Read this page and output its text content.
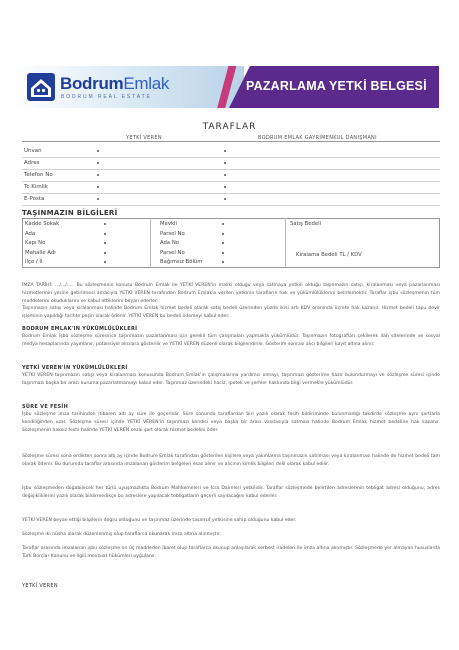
BodrumEmlak
BODRUM REAL ESTATE
PAZARLAMA YETKİ BELGESİ
TARAFLAR
YETKİ VEREN	BODRUM EMLAK GAYRİMENKUL DANIŞMANI
Unvan
Adres
Telefon No
Tc Kimlik
E-Posta
TAŞINMAZIN BİLGİLERİ
Kadde Sokak
Ada
Kapı No
Mahalle Adı
İlçe / İl
Mevkii
Parsel No
Ada No
Parsel No
Bağımsız Bölüm
Satış Bedeli
Kiralama Bedeli TL / KDV
İMZA TARİHİ: .../.../..... Bu sözleşmenin konusu Bodrum Emlak ile YETKİ VEREN'in maliki olduğu veya satmaya yetkili olduğu taşınmazın satışı, kiralanması veya pazarlanması hizmetlerinin yerine getirilmesi amacıyla YETKİ VEREN tarafından Bodrum Emlak'a verilen yetkinin tarafların hak ve yükümlülüklerini belirlemektir. Taraflar işbu sözleşmenin tüm maddelerini okuduklarını ve kabul ettiklerini beyan ederler.
Taşınmazın satışı veya kiralanması halinde Bodrum Emlak hizmet bedeli olarak satış bedeli üzerinden yüzde ikisi artı KDV oranında ücrete hak kazanır. Hizmet bedeli tapu devir işleminin yapıldığı tarihte peşin olarak ödenir. YETKİ VEREN bu bedeli ödemeyi kabul eder.
BODRUM EMLAK'IN YÜKÜMLÜLÜKLERİ
Bodrum Emlak işbu sözleşme süresince taşınmazın pazarlanması için gerekli tüm çalışmaları yapmakla yükümlüdür. Taşınmazın fotoğrafları çekilerek ilan sitelerinde ve sosyal medya hesaplarında yayınlanır, potansiyel alıcılara gösterilir ve YETKİ VEREN düzenli olarak bilgilendirilir. Gösterim sonrası alıcı bilgileri kayıt altına alınır.
YETKİ VEREN'İN YÜKÜMLÜLÜKLERİ
YETKİ VEREN taşınmazın satışı veya kiralanması konusunda Bodrum Emlak'ın çalışmalarına yardımcı olmayı, taşınmazı gösterime hazır bulundurmayı ve sözleşme süresi içinde taşınmazı başka bir aracı kuruma pazarlatmamayı kabul eder. Taşınmaz üzerindeki haciz, ipotek ve şerhler hakkında bilgi vermekle yükümlüdür.
SÜRE VE FESİH
İşbu sözleşme imza tarihinden itibaren altı ay süre ile geçerlidir. Süre sonunda taraflardan biri yazılı olarak fesih bildiriminde bulunmadığı takdirde sözleşme aynı şartlarla kendiliğinden uzar. Sözleşme süresi içinde YETKİ VEREN'in taşınmazı kendisi veya başka bir aracı vasıtasıyla satması halinde Bodrum Emlak hizmet bedeline hak kazanır. Sözleşmenin haksız feshi halinde YETKİ VEREN cezai şart olarak hizmet bedelini öder.
Sözleşme süresi sona erdikten sonra altı ay içinde Bodrum Emlak tarafından gösterilen kişilere veya yakınlarına taşınmazın satılması veya kiralanması halinde de hizmet bedeli tam olarak ödenir. Bu durumda taraflar arasında imzalanan gösterim belgeleri esas alınır ve alıcının kimlik bilgileri delil olarak kabul edilir.
İşbu sözleşmeden doğabilecek her türlü uyuşmazlıkta Bodrum Mahkemeleri ve İcra Daireleri yetkilidir. Taraflar sözleşmede belirtilen adreslerinin tebligat adresi olduğunu, adres değişikliklerini yazılı olarak bildirmedikçe bu adreslere yapılacak tebligatların geçerli sayılacağını kabul ederler.
YETKİ VEREN beyan ettiği bilgilerin doğru olduğunu ve taşınmaz üzerinde tasarruf yetkisine sahip olduğunu kabul eder.
Sözleşme iki nüsha olarak düzenlenmiş olup taraflarca okunarak imza altına alınmıştır.
Taraflar arasında imzalanan işbu sözleşme on üç maddeden ibaret olup taraflarca okunup anlaşılarak serbest iradeleri ile imza altına alınmıştır. Sözleşmede yer almayan hususlarda Türk Borçlar Kanunu ve ilgili mevzuat hükümleri uygulanır.
YETKİ VEREN
